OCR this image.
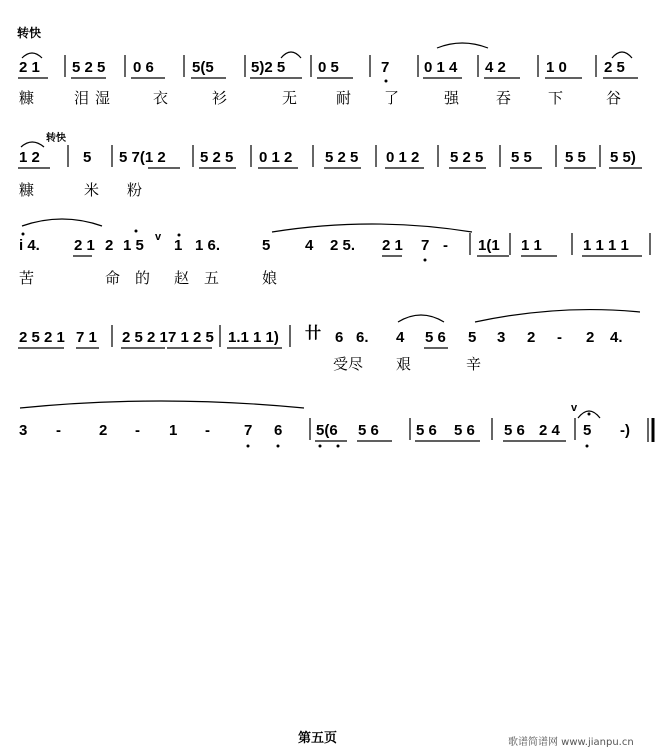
转快
转快
2 1 5 2 5 0 6	5(5 5)2 5 0 5	7 0 1 4 4 2	1 0 2 5
糠	泪湿 衣	衫	无	耐 了	强 吞 下	谷
1 2	5 5 7(1 2 5 2 5 0 1 2 5 2 5 0 1 2 5 2 5 5 5 5 5 5 5)
糠	米 粉
i 4. 2 1 2 1 5 v 1 1 6.	5 4 2 5. 2 1 7 - 1(1 1 1	1 1 1 1
苦	命 的 赵 五	娘
2 5 2 1 7 1 2 5 2 1 7 1 2 5 1.1 1 1) 卄 6 6. 4 5 6 5 3 2 - 2 4.
受尽 艰	辛
3 -	2 - 1 - 7 6 5(6 5 6 5 6 5 6 5 6 2 4
v
5 -)
第五页	歌谱简谱网 www.jianpu.cn
